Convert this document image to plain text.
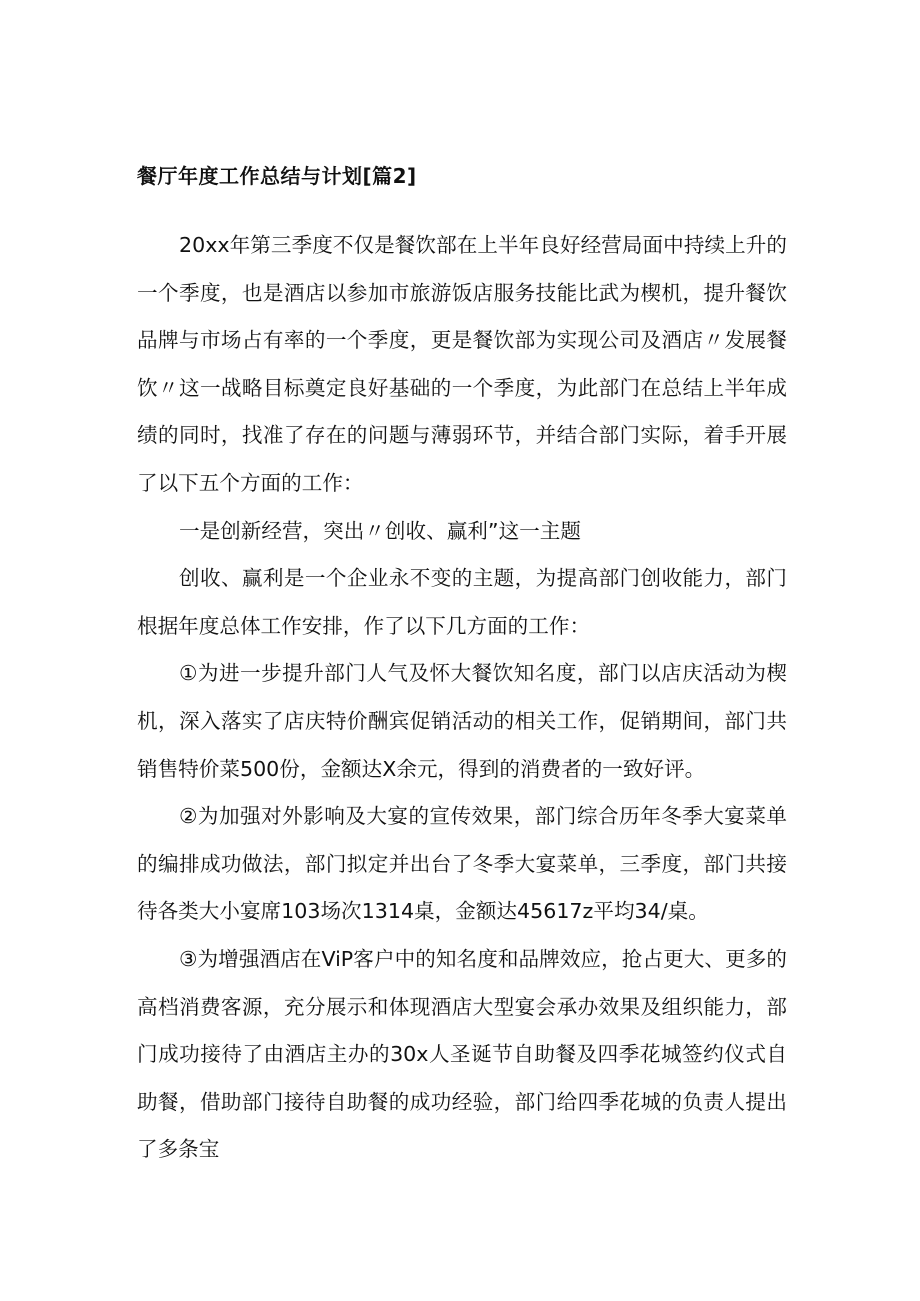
餐厅年度工作总结与计划[篇2]

20xx年第三季度不仅是餐饮部在上半年良好经营局面中持续上升的一个季度，也是酒店以参加市旅游饭店服务技能比武为楔机，提升餐饮品牌与市场占有率的一个季度，更是餐饮部为实现公司及酒店〃发展餐饮〃这一战略目标奠定良好基础的一个季度，为此部门在总结上半年成绩的同时，找准了存在的问题与薄弱环节，并结合部门实际，着手开展了以下五个方面的工作：

一是创新经营，突出〃创收、赢利”这一主题

创收、赢利是一个企业永不变的主题，为提高部门创收能力，部门根据年度总体工作安排，作了以下几方面的工作：

①为进一步提升部门人气及怀大餐饮知名度，部门以店庆活动为楔机，深入落实了店庆特价酬宾促销活动的相关工作，促销期间，部门共销售特价菜500份，金额达X余元，得到的消费者的一致好评。

②为加强对外影响及大宴的宣传效果，部门综合历年冬季大宴菜单的编排成功做法，部门拟定并出台了冬季大宴菜单，三季度，部门共接待各类大小宴席103场次1314桌，金额达45617z平均34/桌。

③为增强酒店在ViP客户中的知名度和品牌效应，抢占更大、更多的高档消费客源，充分展示和体现酒店大型宴会承办效果及组织能力，部门成功接待了由酒店主办的30x人圣诞节自助餐及四季花城签约仪式自助餐，借助部门接待自助餐的成功经验，部门给四季花城的负责人提出了多条宝
